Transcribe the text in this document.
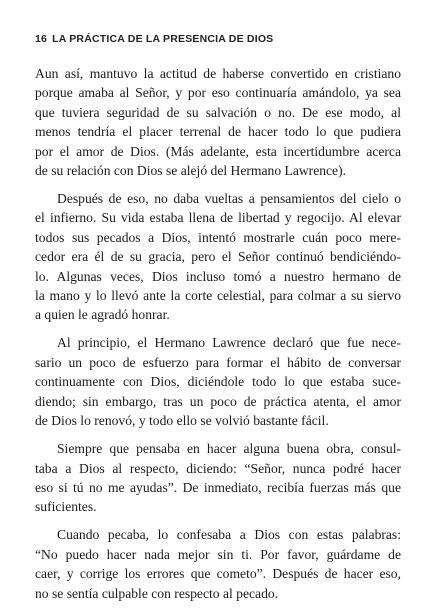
16 LA PRÁCTICA DE LA PRESENCIA DE DIOS

Aun así, mantuvo la actitud de haberse convertido en cristiano
porque amaba al Señor, y por eso continuaría amándolo, ya sea
que tuviera seguridad de su salvación o no. De ese modo, al
menos tendría el placer terrenal de hacer todo lo que pudiera
por el amor de Dios. (Más adelante, esta incertidumbre acerca
de su relación con Dios se alejó del Hermano Lawrence).

Después de eso, no daba vueltas a pensamientos del cielo o
el infierno. Su vida estaba llena de libertad y regocijo. Al elevar
todos sus pecados a Dios, intentó mostrarle cuán poco mere-
cedor era él de su gracia, pero el Señor continuó bendiciéndo-
lo. Algunas veces, Dios incluso tomó a nuestro hermano de
la mano y lo llevó ante la corte celestial, para colmar a su siervo
a quien le agradó honrar.

Al principio, el Hermano Lawrence declaró que fue nece-
sario un poco de esfuerzo para formar el hábito de conversar
continuamente con Dios, diciéndole todo lo que estaba suce-
diendo; sin embargo, tras un poco de práctica atenta, el amor
de Dios lo renovó, y todo ello se volvió bastante fácil.

Siempre que pensaba en hacer alguna buena obra, consul-
taba a Dios al respecto, diciendo: “Señor, nunca podré hacer
eso si tú no me ayudas”. De inmediato, recibía fuerzas más que
suficientes.

Cuando pecaba, lo confesaba a Dios con estas palabras:
“No puedo hacer nada mejor sin ti. Por favor, guárdame de
caer, y corrige los errores que cometo”. Después de hacer eso,
no se sentía culpable con respecto al pecado.
